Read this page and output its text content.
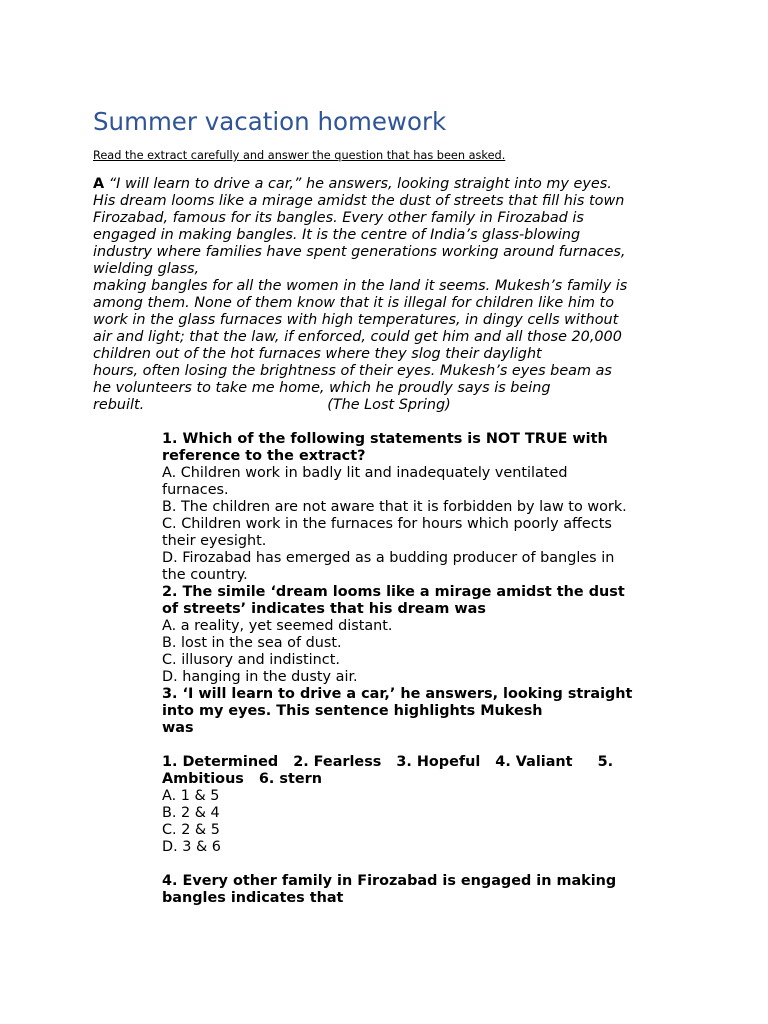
Summer vacation homework
Read the extract carefully and answer the question that has been asked.
A “I will learn to drive a car,” he answers, looking straight into my eyes.
His dream looms like a mirage amidst the dust of streets that fill his town
Firozabad, famous for its bangles. Every other family in Firozabad is
engaged in making bangles. It is the centre of India’s glass-blowing
industry where families have spent generations working around furnaces,
wielding glass,
making bangles for all the women in the land it seems. Mukesh’s family is
among them. None of them know that it is illegal for children like him to
work in the glass furnaces with high temperatures, in dingy cells without
air and light; that the law, if enforced, could get him and all those 20,000
children out of the hot furnaces where they slog their daylight
hours, often losing the brightness of their eyes. Mukesh’s eyes beam as
he volunteers to take me home, which he proudly says is being
rebuilt.                                        (The Lost Spring)
1. Which of the following statements is NOT TRUE with
reference to the extract?
A. Children work in badly lit and inadequately ventilated
furnaces.
B. The children are not aware that it is forbidden by law to work.
C. Children work in the furnaces for hours which poorly affects
their eyesight.
D. Firozabad has emerged as a budding producer of bangles in
the country.
2. The simile ‘dream looms like a mirage amidst the dust
of streets’ indicates that his dream was
A. a reality, yet seemed distant.
B. lost in the sea of dust.
C. illusory and indistinct.
D. hanging in the dusty air.
3. ‘I will learn to drive a car,’ he answers, looking straight
into my eyes. This sentence highlights Mukesh
was
1. Determined   2. Fearless   3. Hopeful   4. Valiant     5.
Ambitious   6. stern
A. 1 & 5
B. 2 & 4
C. 2 & 5
D. 3 & 6
4. Every other family in Firozabad is engaged in making
bangles indicates that
